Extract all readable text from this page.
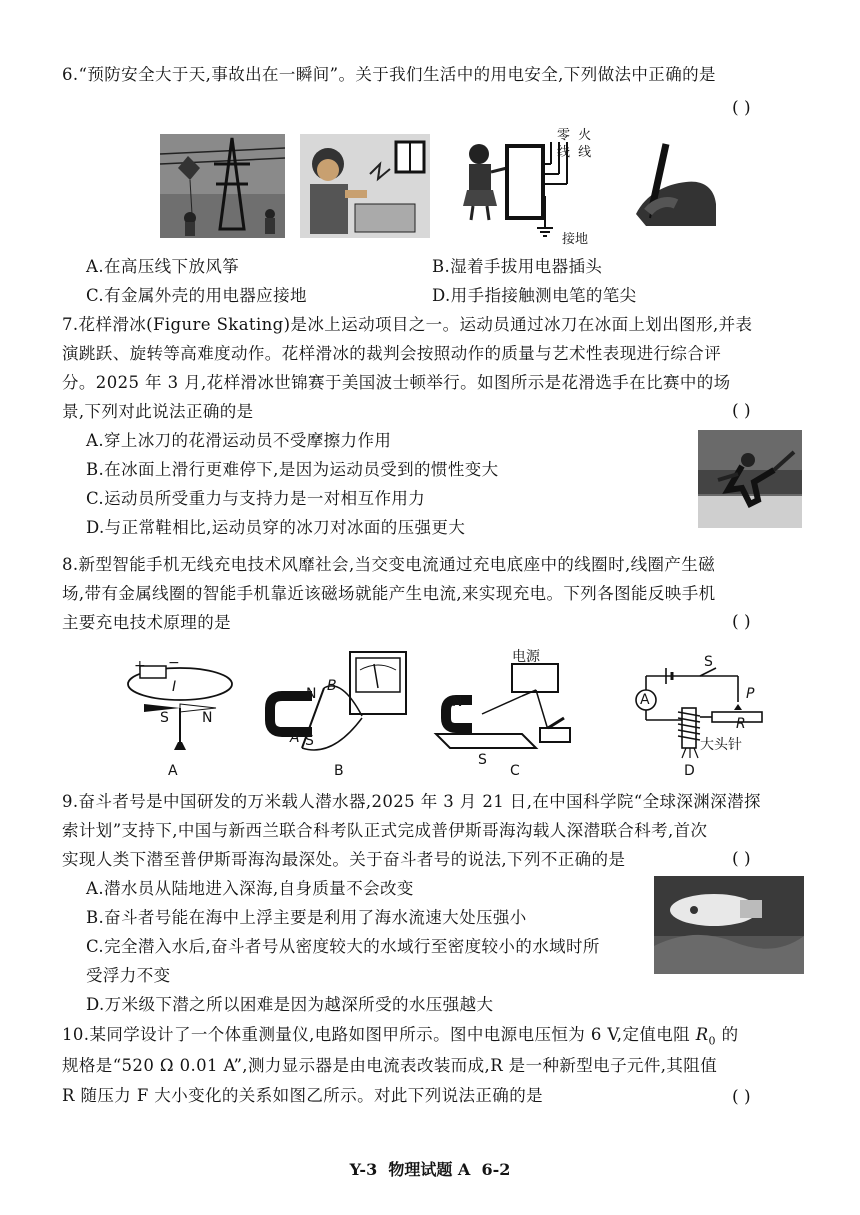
6.“预防安全大于天,事故出在一瞬间”。关于我们生活中的用电安全,下列做法中正确的是
( )
零 火
线 线
接地
A.在高压线下放风筝	B.湿着手拔用电器插头
C.有金属外壳的用电器应接地	D.用手指接触测电笔的笔尖
7.花样滑冰(Figure Skating)是冰上运动项目之一。运动员通过冰刀在冰面上划出图形,并表
演跳跃、旋转等高难度动作。花样滑冰的裁判会按照动作的质量与艺术性表现进行综合评
分。2025 年 3 月,花样滑冰世锦赛于美国波士顿举行。如图所示是花滑选手在比赛中的场
景,下列对此说法正确的是	( )
A.穿上冰刀的花滑运动员不受摩擦力作用
B.在冰面上滑行更难停下,是因为运动员受到的惯性变大
C.运动员所受重力与支持力是一对相互作用力
D.与正常鞋相比,运动员穿的冰刀对冰面的压强更大
8.新型智能手机无线充电技术风靡社会,当交变电流通过充电底座中的线圈时,线圈产生磁
场,带有金属线圈的智能手机靠近该磁场就能产生电流,来实现充电。下列各图能反映手机
主要充电技术原理的是	( )
+ −
I
S N
A
N B
A S
B
电源
N
S
C
A
S
P
R
大头针
D
9.奋斗者号是中国研发的万米载人潜水器,2025 年 3 月 21 日,在中国科学院“全球深渊深潜探
索计划”支持下,中国与新西兰联合科考队正式完成普伊斯哥海沟载人深潜联合科考,首次
实现人类下潜至普伊斯哥海沟最深处。关于奋斗者号的说法,下列不正确的是	( )
A.潜水员从陆地进入深海,自身质量不会改变
B.奋斗者号能在海中上浮主要是利用了海水流速大处压强小
C.完全潜入水后,奋斗者号从密度较大的水域行至密度较小的水域时所
受浮力不变
D.万米级下潜之所以困难是因为越深所受的水压强越大
10.某同学设计了一个体重测量仪,电路如图甲所示。图中电源电压恒为 6 V,定值电阻 $R_0$ 的
规格是“520 Ω 0.01 A”,测力显示器是由电流表改装而成,R 是一种新型电子元件,其阻值
R 随压力 F 大小变化的关系如图乙所示。对此下列说法正确的是	( )
Y-3  物理试题 A  6-2
